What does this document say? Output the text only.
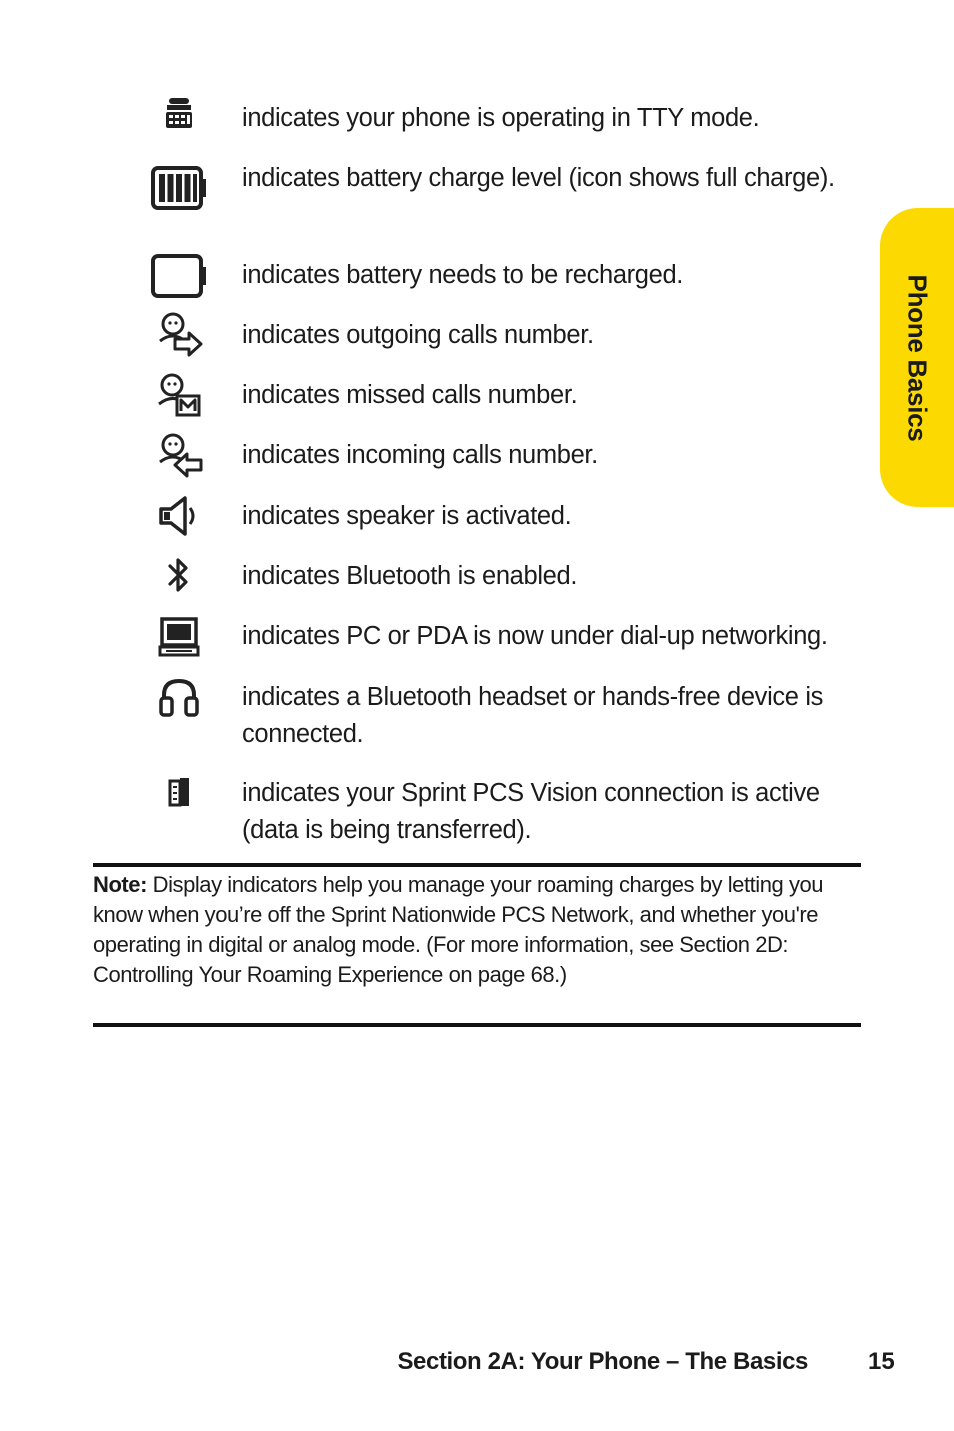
indicates your phone is operating in TTY mode.
indicates battery charge level (icon shows full charge).
indicates battery needs to be recharged.
indicates outgoing calls number.
indicates missed calls number.
indicates incoming calls number.
indicates speaker is activated.
indicates Bluetooth is enabled.
indicates PC or PDA is now under dial-up networking.
indicates a Bluetooth headset or hands-free device is connected.
indicates your Sprint PCS Vision connection is active (data is being transferred).
Note: Display indicators help you manage your roaming charges by letting you know when you’re off the Sprint Nationwide PCS Network, and whether you're operating in digital or analog mode. (For more information, see Section 2D: Controlling Your Roaming Experience on page 68.)
Phone Basics
Section 2A: Your Phone – The Basics	15
